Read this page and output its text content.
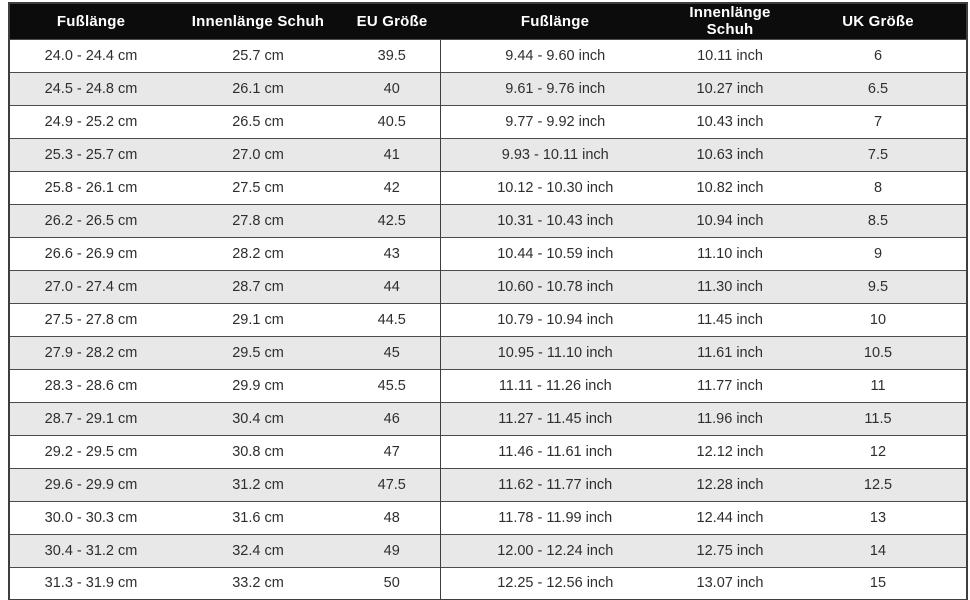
Fußlänge	Innenlänge Schuh	EU Größe	Fußlänge	Innenlänge Schuh	UK Größe
24.0 - 24.4 cm	25.7 cm	39.5	9.44 - 9.60 inch	10.11 inch	6
24.5 - 24.8 cm	26.1 cm	40	9.61 - 9.76 inch	10.27 inch	6.5
24.9 - 25.2 cm	26.5 cm	40.5	9.77 - 9.92 inch	10.43 inch	7
25.3 - 25.7 cm	27.0 cm	41	9.93 - 10.11 inch	10.63 inch	7.5
25.8 - 26.1 cm	27.5 cm	42	10.12 - 10.30 inch	10.82 inch	8
26.2 - 26.5 cm	27.8 cm	42.5	10.31 - 10.43 inch	10.94 inch	8.5
26.6 - 26.9 cm	28.2 cm	43	10.44 - 10.59 inch	11.10 inch	9
27.0 - 27.4 cm	28.7 cm	44	10.60 - 10.78 inch	11.30 inch	9.5
27.5 - 27.8 cm	29.1 cm	44.5	10.79 - 10.94 inch	11.45 inch	10
27.9 - 28.2 cm	29.5 cm	45	10.95 - 11.10 inch	11.61 inch	10.5
28.3 - 28.6 cm	29.9 cm	45.5	11.11 - 11.26 inch	11.77 inch	11
28.7 - 29.1 cm	30.4 cm	46	11.27 - 11.45 inch	11.96 inch	11.5
29.2 - 29.5 cm	30.8 cm	47	11.46 - 11.61 inch	12.12 inch	12
29.6 - 29.9 cm	31.2 cm	47.5	11.62 - 11.77 inch	12.28 inch	12.5
30.0 - 30.3 cm	31.6 cm	48	11.78 - 11.99 inch	12.44 inch	13
30.4 - 31.2 cm	32.4 cm	49	12.00 - 12.24 inch	12.75 inch	14
31.3 - 31.9 cm	33.2 cm	50	12.25 - 12.56 inch	13.07 inch	15
